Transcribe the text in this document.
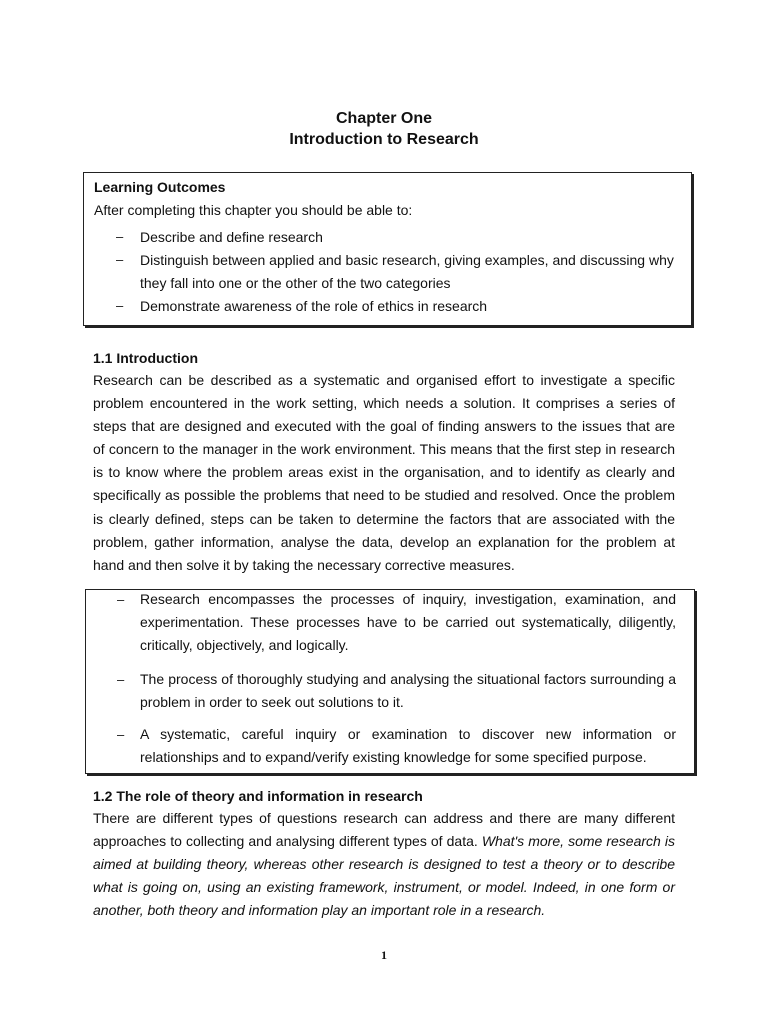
Chapter One
Introduction to Research
Learning Outcomes
After completing this chapter you should be able to:
– Describe and define research
– Distinguish between applied and basic research, giving examples, and discussing why
they fall into one or the other of the two categories
– Demonstrate awareness of the role of ethics in research
1.1 Introduction
Research can be described as a systematic and organised effort to investigate a specific problem encountered in the work setting, which needs a solution. It comprises a series of steps that are designed and executed with the goal of finding answers to the issues that are of concern to the manager in the work environment. This means that the first step in research is to know where the problem areas exist in the organisation, and to identify as clearly and specifically as possible the problems that need to be studied and resolved. Once the problem is clearly defined, steps can be taken to determine the factors that are associated with the problem, gather information, analyse the data, develop an explanation for the problem at hand and then solve it by taking the necessary corrective measures.
– Research encompasses the processes of inquiry, investigation, examination, and experimentation. These processes have to be carried out systematically, diligently, critically, objectively, and logically.
– The process of thoroughly studying and analysing the situational factors surrounding a problem in order to seek out solutions to it.
– A systematic, careful inquiry or examination to discover new information or relationships and to expand/verify existing knowledge for some specified purpose.
1.2 The role of theory and information in research
There are different types of questions research can address and there are many different approaches to collecting and analysing different types of data. What's more, some research is aimed at building theory, whereas other research is designed to test a theory or to describe what is going on, using an existing framework, instrument, or model. Indeed, in one form or another, both theory and information play an important role in a research.
1
